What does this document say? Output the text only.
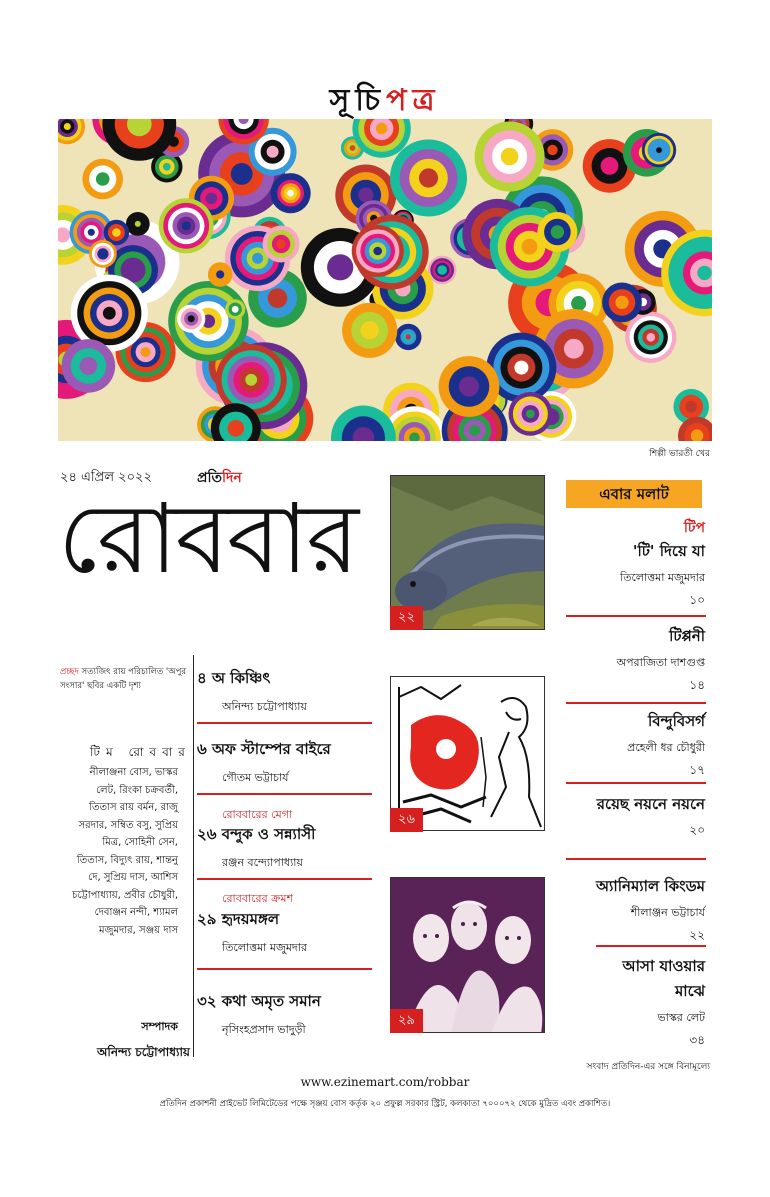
সূচিপত্র
শিল্পী ভারতী খের
২৪ এপ্রিল ২০২২	প্রতিদিন
রোববার
প্রচ্ছদ সত্যজিৎ রায় পরিচালিত 'অপুর সংসার' ছবির একটি দৃশ্য
টিম রোববার
নীলাঞ্জনা বোস, ভাস্কর লেট, রিংকা চক্রবর্তী, তিতাস রায় বর্মন, রাজু সরদার, সম্বিত বসু, সুপ্রিয় মিত্র, সোহিনী সেন, তিতাস, বিদ্যুৎ রায়, শান্তনু দে, সুপ্রিয় দাস, আশিস চট্টোপাধ্যায়, প্রবীর চৌধুরী, দেবাঞ্জন নন্দী, শ্যামল মজুমদার, সঞ্জয় দাস
সম্পাদক
অনিন্দ্য চট্টোপাধ্যায়
৪ অ কিঞ্চিৎ
অনিন্দ্য চট্টোপাধ্যায়
৬ অফ স্টাম্পের বাইরে
গৌতম ভট্টাচার্য
রোববারের মেগা
২৬ বন্দুক ও সন্ন্যাসী
রঞ্জন বন্দ্যোপাধ্যায়
রোববারের ক্রমশ
২৯ হৃদয়মঙ্গল
তিলোত্তমা মজুমদার
৩২ কথা অমৃত সমান
নৃসিংহপ্রসাদ ভাদুড়ী
২২
২৬
২৯
এবার মলাট
টিপ
'টি' দিয়ে যা
তিলোত্তমা মজুমদার
১০
টিপ্পনী
অপরাজিতা দাশগুপ্ত
১৪
বিন্দুবিসর্গ
প্রহেলী ধর চৌধুরী
১৭
রয়েছ নয়নে নয়নে
২০
অ্যানিম্যাল কিংডম
শীলাঞ্জন ভট্টাচার্য
২২
আসা যাওয়ার মাঝে
ভাস্কর লেট
৩৪
সংবাদ প্রতিদিন-এর সঙ্গে বিনামূল্যে
www.ezinemart.com/robbar
প্রতিদিন প্রকাশনী প্রাইভেট লিমিটেডের পক্ষে সৃঞ্জয় বোস কর্তৃক ২০ প্রফুল্ল সরকার স্ট্রিট, কলকাতা ৭০০০৭২ থেকে মুদ্রিত এবং প্রকাশিত।
